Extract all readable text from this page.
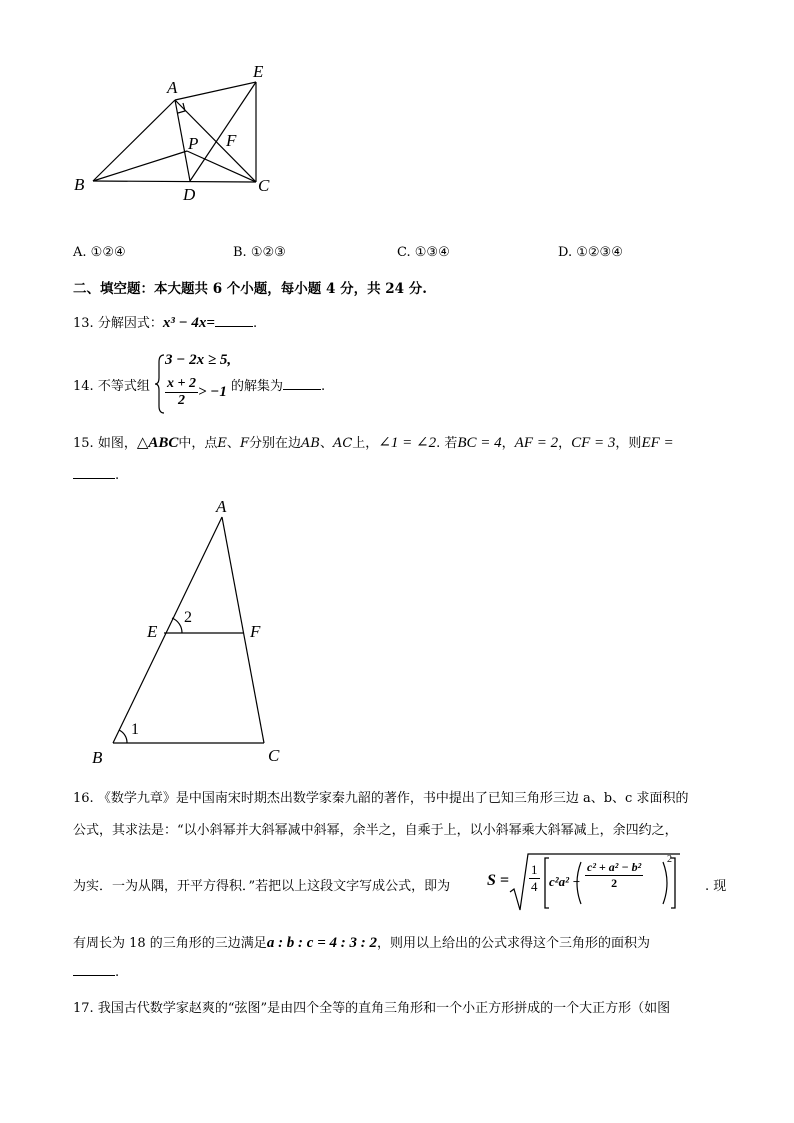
A
E
P F
B
D	C
A. ①②④	B. ①②③	C. ①③④	D. ①②③④
二、填空题：本大题共 6 个小题，每小题 4 分，共 24 分.
13. 分解因式：x³ − 4x=	.
14. 不等式组
3 − 2x ≥ 5,
$\frac{x + 2}{2} > -1$ 的解集为	.
15. 如图，△ABC中，点E、F分别在边AB、AC上，∠1 = ∠2. 若BC = 4，AF = 2，CF = 3，则EF =
.
A
E	F
B	C
1
2
16. 《数学九章》是中国南宋时期杰出数学家秦九韶的著作，书中提出了已知三角形三边 a、b、c 求面积的
公式，其求法是：“以小斜幂并大斜幂减中斜幂，余半之，自乘于上，以小斜幂乘大斜幂减上，余四约之，
为实．一为从隅，开平方得积．”若把以上这段文字写成公式，即为 $S = \frac{1}{4} c^2a^2 - \frac{\text{c² + a² − b²}}{2}$
2
. 现
有周长为 18 的三角形的三边满足a : b : c = 4 : 3 : 2，则用以上给出的公式求得这个三角形的面积为
.
17. 我国古代数学家赵爽的“弦图”是由四个全等的直角三角形和一个小正方形拼成的一个大正方形（如图
